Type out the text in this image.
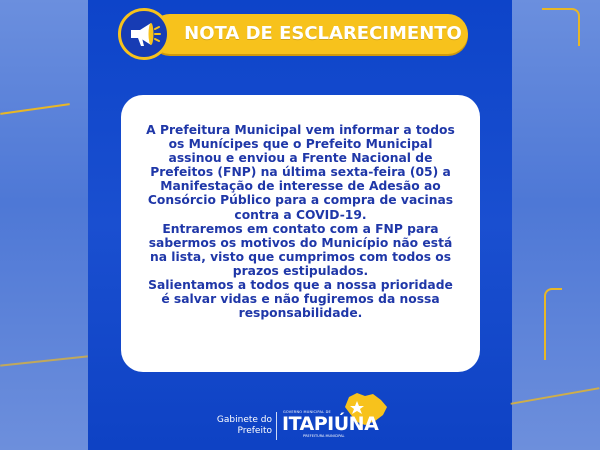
NOTA DE ESCLARECIMENTO

A Prefeitura Municipal vem informar a todos
os Munícipes que o Prefeito Municipal
assinou e enviou a Frente Nacional de
Prefeitos (FNP) na última sexta-feira (05) a
Manifestação de interesse de Adesão ao
Consórcio Público para a compra de vacinas
contra a COVID-19.

Entraremos em contato com a FNP para
sabermos os motivos do Município não está
na lista, visto que cumprimos com todos os
prazos estipulados.

Salientamos a todos que a nossa prioridade
é salvar vidas e não fugiremos da nossa
responsabilidade.

Gabinete do
Prefeito
GOVERNO MUNICIPAL DE
ITAPIÚNA
PREFEITURA MUNICIPAL
